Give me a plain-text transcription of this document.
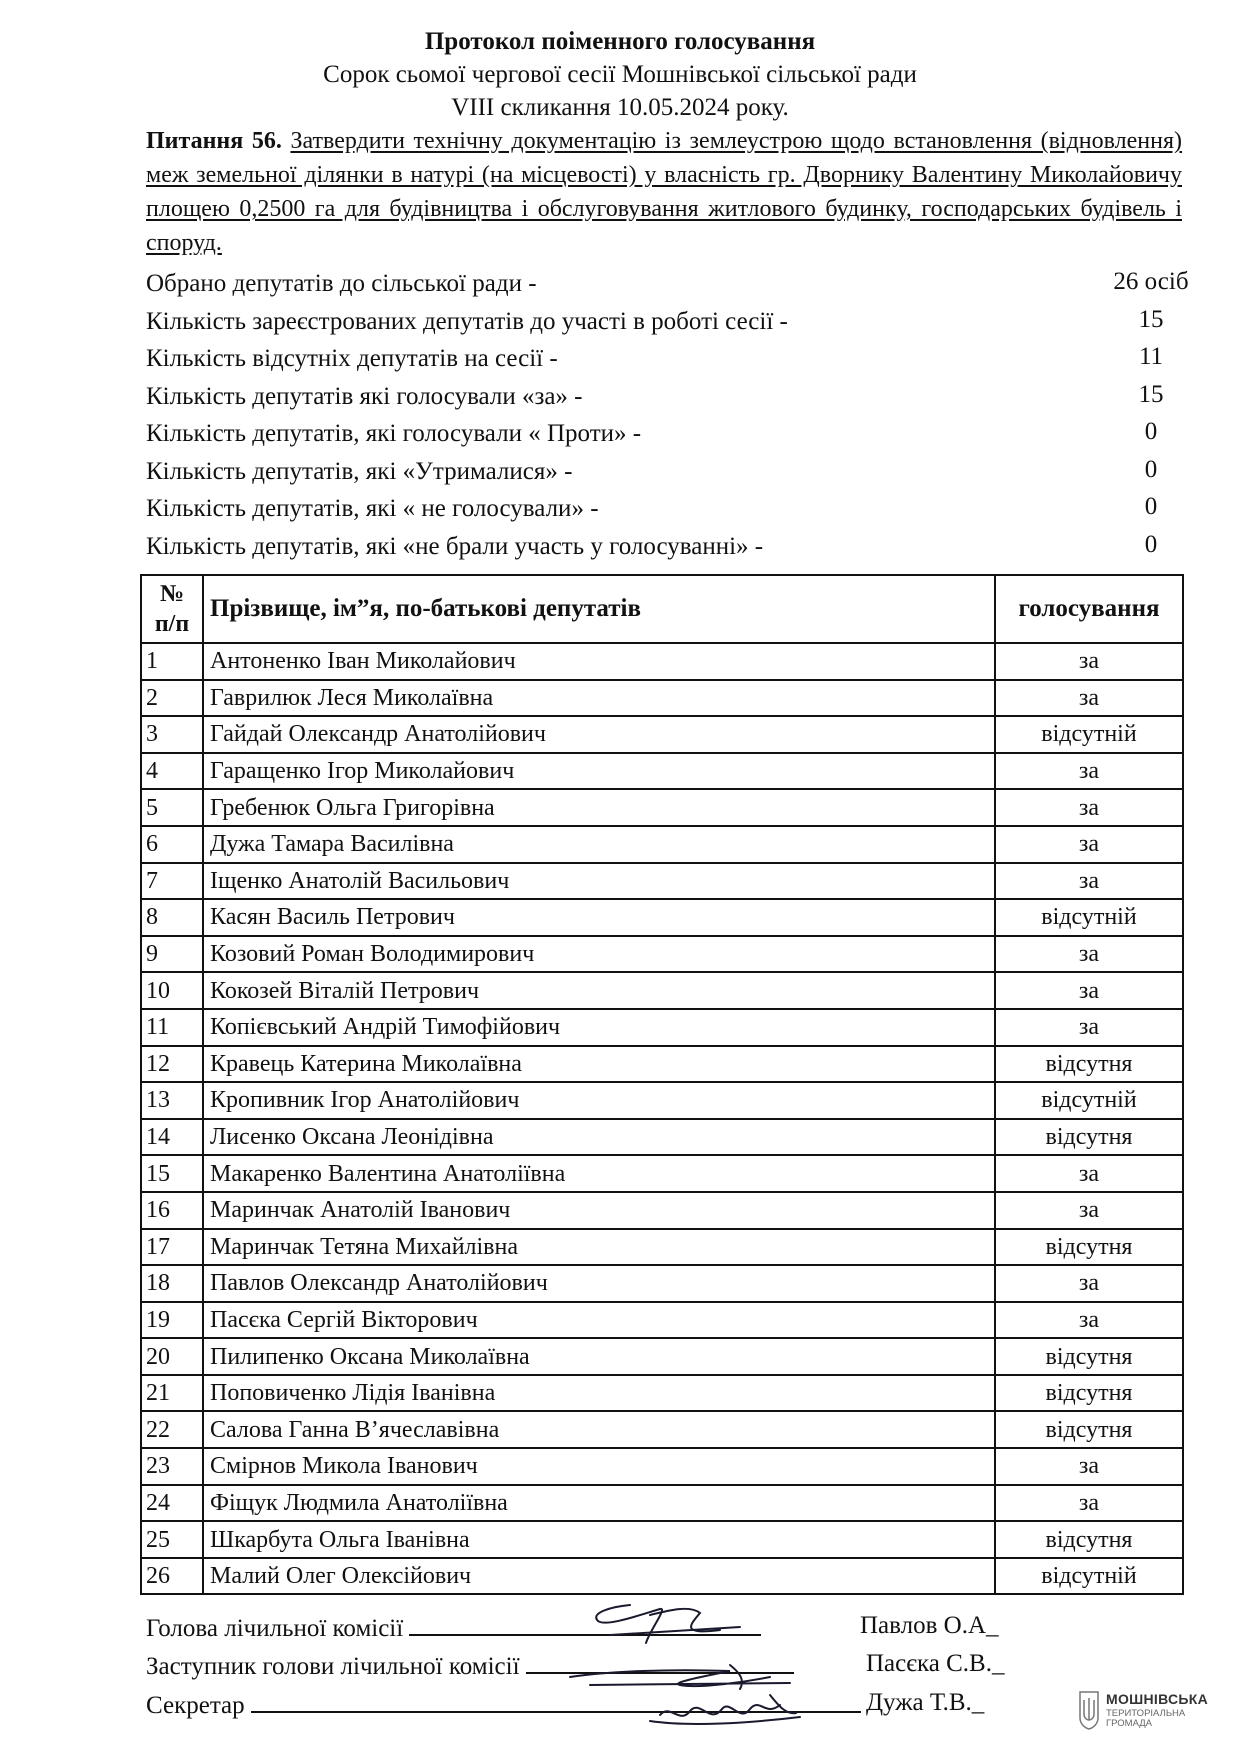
Протокол поіменного голосування
Сорок сьомої чергової сесії Мошнівської сільської ради
VIII скликання 10.05.2024 року.
Питання 56. Затвердити технічну документацію із землеустрою щодо встановлення (відновлення) меж земельної ділянки в натурі (на місцевості) у власність гр. Дворнику Валентину Миколайовичу площею 0,2500 га для будівництва і обслуговування житлового будинку, господарських будівель і споруд.
Обрано депутатів до сільської ради -	26 осіб
Кількість зареєстрованих депутатів до участі в роботі сесії -	15
Кількість відсутніх депутатів на сесії -	11
Кількість депутатів які голосували «за» -	15
Кількість депутатів, які голосували « Проти» -	0
Кількість депутатів, які «Утрималися» -	0
Кількість депутатів, які « не голосували» -	0
Кількість депутатів, які «не брали участь у голосуванні» -	0
№
п/п	Прізвище, ім”я, по-батькові депутатів	голосування
1	Антоненко Іван Миколайович	за
2	Гаврилюк Леся Миколаївна	за
3	Гайдай Олександр Анатолійович	відсутній
4	Гаращенко Ігор Миколайович	за
5	Гребенюк Ольга Григорівна	за
6	Дужа Тамара Василівна	за
7	Іщенко Анатолій Васильович	за
8	Касян Василь Петрович	відсутній
9	Козовий Роман Володимирович	за
10	Кокозей Віталій Петрович	за
11	Копієвський Андрій Тимофійович	за
12	Кравець Катерина Миколаївна	відсутня
13	Кропивник Ігор Анатолійович	відсутній
14	Лисенко Оксана Леонідівна	відсутня
15	Макаренко Валентина Анатоліївна	за
16	Маринчак Анатолій Іванович	за
17	Маринчак Тетяна Михайлівна	відсутня
18	Павлов Олександр Анатолійович	за
19	Пасєка Сергій Вікторович	за
20	Пилипенко Оксана Миколаївна	відсутня
21	Поповиченко Лідія Іванівна	відсутня
22	Салова Ганна В’ячеславівна	відсутня
23	Смірнов Микола Іванович	за
24	Фіщук Людмила Анатоліївна	за
25	Шкарбута Ольга Іванівна	відсутня
26	Малий Олег Олексійович	відсутній
Голова лічильної комісії	Павлов О.А_
Заступник голови лічильної комісії	Пасєка С.В._
Секретар	Дужа Т.В._	МОШНІВСЬКА
ТЕРИТОРІАЛЬНА ГРОМАДА
